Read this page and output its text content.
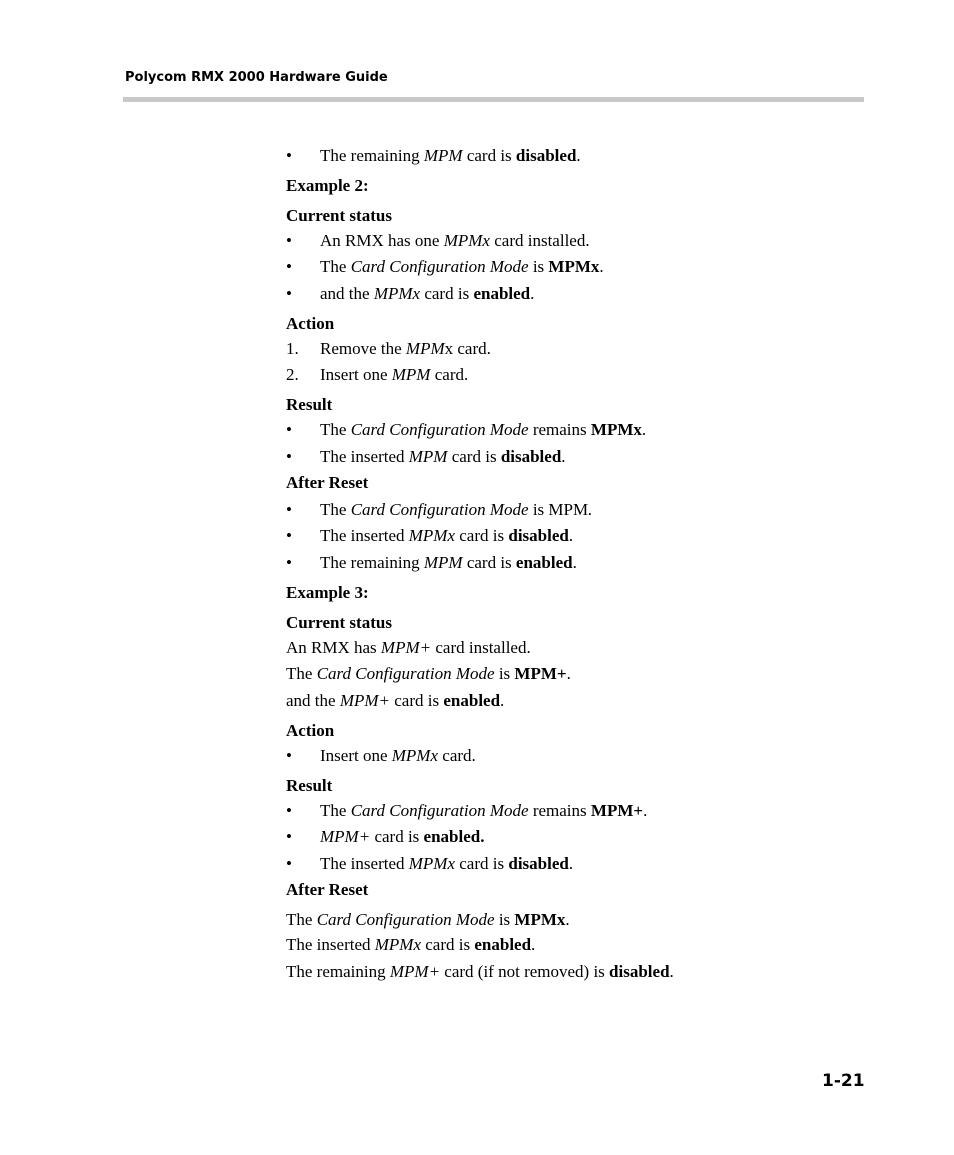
Polycom RMX 2000 Hardware Guide
• The remaining MPM card is disabled.
Example 2:
Current status
• An RMX has one MPMx card installed.
• The Card Configuration Mode is MPMx.
• and the MPMx card is enabled.
Action
1. Remove the MPMx card.
2. Insert one MPM card.
Result
• The Card Configuration Mode remains MPMx.
• The inserted MPM card is disabled.
After Reset
• The Card Configuration Mode is MPM.
• The inserted MPMx card is disabled.
• The remaining MPM card is enabled.
Example 3:
Current status
An RMX has MPM+ card installed.
The Card Configuration Mode is MPM+.
and the MPM+ card is enabled.
Action
• Insert one MPMx card.
Result
• The Card Configuration Mode remains MPM+.
• MPM+ card is enabled.
• The inserted MPMx card is disabled.
After Reset
The Card Configuration Mode is MPMx.
The inserted MPMx card is enabled.
The remaining MPM+ card (if not removed) is disabled.
1-21
